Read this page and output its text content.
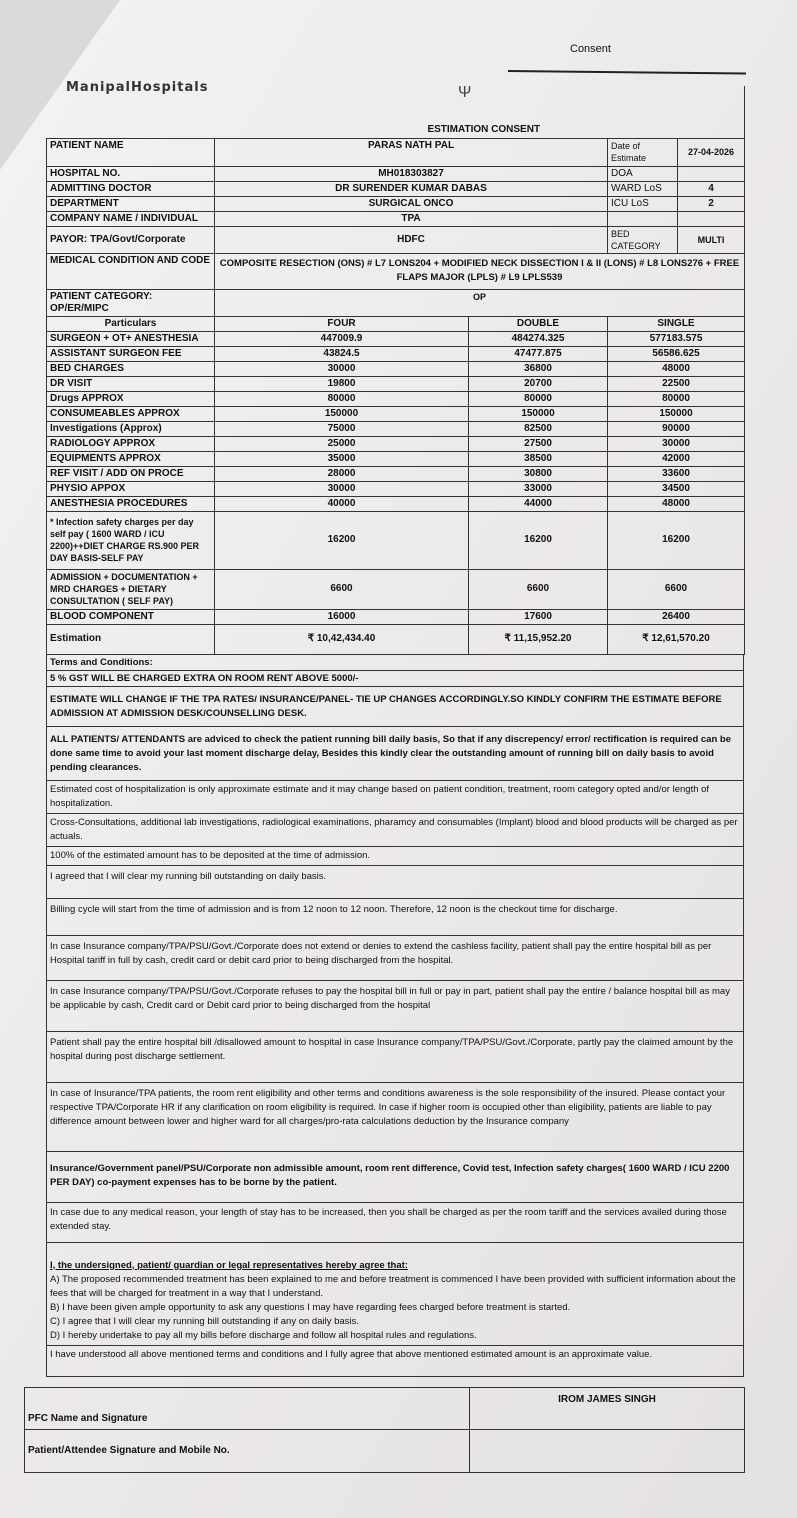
Consent
ManipalHospitals	Ψ
ESTIMATION CONSENT			
PATIENT NAME	PARAS NATH PAL	Date of Estimate	27-04-2026
HOSPITAL NO.	MH018303827	DOA	
ADMITTING DOCTOR	DR SURENDER KUMAR DABAS	WARD LoS	4
DEPARTMENT	SURGICAL ONCO	ICU LoS	2
COMPANY NAME / INDIVIDUAL	TPA		
PAYOR: TPA/Govt/Corporate	HDFC	BED CATEGORY	MULTI
MEDICAL CONDITION AND CODE	COMPOSITE RESECTION (ONS) # L7 LONS204 + MODIFIED NECK DISSECTION I & II (LONS) # L8 LONS276 + FREE FLAPS MAJOR (LPLS) # L9 LPLS539		
PATIENT CATEGORY: OP/ER/MIPC	OP		
Particulars	FOUR	DOUBLE	SINGLE
SURGEON + OT+ ANESTHESIA	447009.9	484274.325	577183.575
ASSISTANT SURGEON FEE	43824.5	47477.875	56586.625
BED CHARGES	30000	36800	48000
DR VISIT	19800	20700	22500
Drugs APPROX	80000	80000	80000
CONSUMEABLES APPROX	150000	150000	150000
Investigations (Approx)	75000	82500	90000
RADIOLOGY APPROX	25000	27500	30000
EQUIPMENTS APPROX	35000	38500	42000
REF VISIT / ADD ON PROCE	28000	30800	33600
PHYSIO APPOX	30000	33000	34500
ANESTHESIA PROCEDURES	40000	44000	48000
* Infection safety charges per day self pay ( 1600 WARD / ICU 2200)++DIET CHARGE RS.900 PER DAY BASIS-SELF PAY	16200	16200	16200
ADMISSION + DOCUMENTATION + MRD CHARGES + DIETARY CONSULTATION ( SELF PAY)	6600	6600	6600
BLOOD COMPONENT	16000	17600	26400
Estimation	₹ 10,42,434.40	₹ 11,15,952.20	₹ 12,61,570.20
Terms and Conditions:
5 % GST WILL BE CHARGED EXTRA ON ROOM RENT ABOVE 5000/-
ESTIMATE WILL CHANGE IF THE TPA RATES/ INSURANCE/PANEL- TIE UP CHANGES ACCORDINGLY.SO KINDLY CONFIRM THE ESTIMATE BEFORE ADMISSION AT ADMISSION DESK/COUNSELLING DESK.
ALL PATIENTS/ ATTENDANTS are adviced to check the patient running bill daily basis, So that if any discrepency/ error/ rectification is required can be done same time to avoid your last moment discharge delay, Besides this kindly clear the outstanding amount of running bill on daily basis to avoid pending clearances.
Estimated cost of hospitalization is only approximate estimate and it may change based on patient condition, treatment, room category opted and/or length of hospitalization.
Cross-Consultations, additional lab investigations, radiological examinations, pharamcy and consumables (Implant) blood and blood products will be charged as per actuals.
100% of the estimated amount has to be deposited at the time of admission.
I agreed that I will clear my running bill outstanding on daily basis.
Billing cycle will start from the time of admission and is from 12 noon to 12 noon. Therefore, 12 noon is the checkout time for discharge.
In case Insurance company/TPA/PSU/Govt./Corporate does not extend or denies to extend the cashless facility, patient shall pay the entire hospital bill as per Hospital tariff in full by cash, credit card or debit card prior to being discharged from the hospital.
In case Insurance company/TPA/PSU/Govt./Corporate refuses to pay the hospital bill in full or pay in part, patient shall pay the entire / balance hospital bill as may be applicable by cash, Credit card or Debit card prior to being discharged from the hospital
Patient shall pay the entire hospital bill /disallowed amount to hospital in case Insurance company/TPA/PSU/Govt./Corporate, partly pay the claimed amount by the hospital during post discharge settlement.
In case of Insurance/TPA patients, the room rent eligibility and other terms and conditions awareness is the sole responsibility of the insured. Please contact your respective TPA/Corporate HR if any clarification on room eligibility is required. In case if higher room is occupied other than eligibility, patients are liable to pay difference amount between lower and higher ward for all charges/pro-rata calculations deduction by the Insurance company
Insurance/Government panel/PSU/Corporate non admissible amount, room rent difference, Covid test, Infection safety charges( 1600 WARD / ICU 2200 PER DAY) co-payment expenses has to be borne by the patient.
In case due to any medical reason, your length of stay has to be increased, then you shall be charged as per the room tariff and the services availed during those extended stay.

I, the undersigned, patient/ guardian or legal representatives hereby agree that:
A) The proposed recommended treatment has been explained to me and before treatment is commenced I have been provided with sufficient information about the fees that will be charged for treatment in a way that I understand.
B) I have been given ample opportunity to ask any questions I may have regarding fees charged before treatment is started.
C) I agree that I will clear my running bill outstanding if any on daily basis.
D) I hereby undertake to pay all my bills before discharge and follow all hospital rules and regulations.

I have understood all above mentioned terms and conditions and I fully agree that above mentioned estimated amount is an approximate value.
PFC Name and Signature	IROM JAMES SINGH
Patient/Attendee Signature and Mobile No.	
